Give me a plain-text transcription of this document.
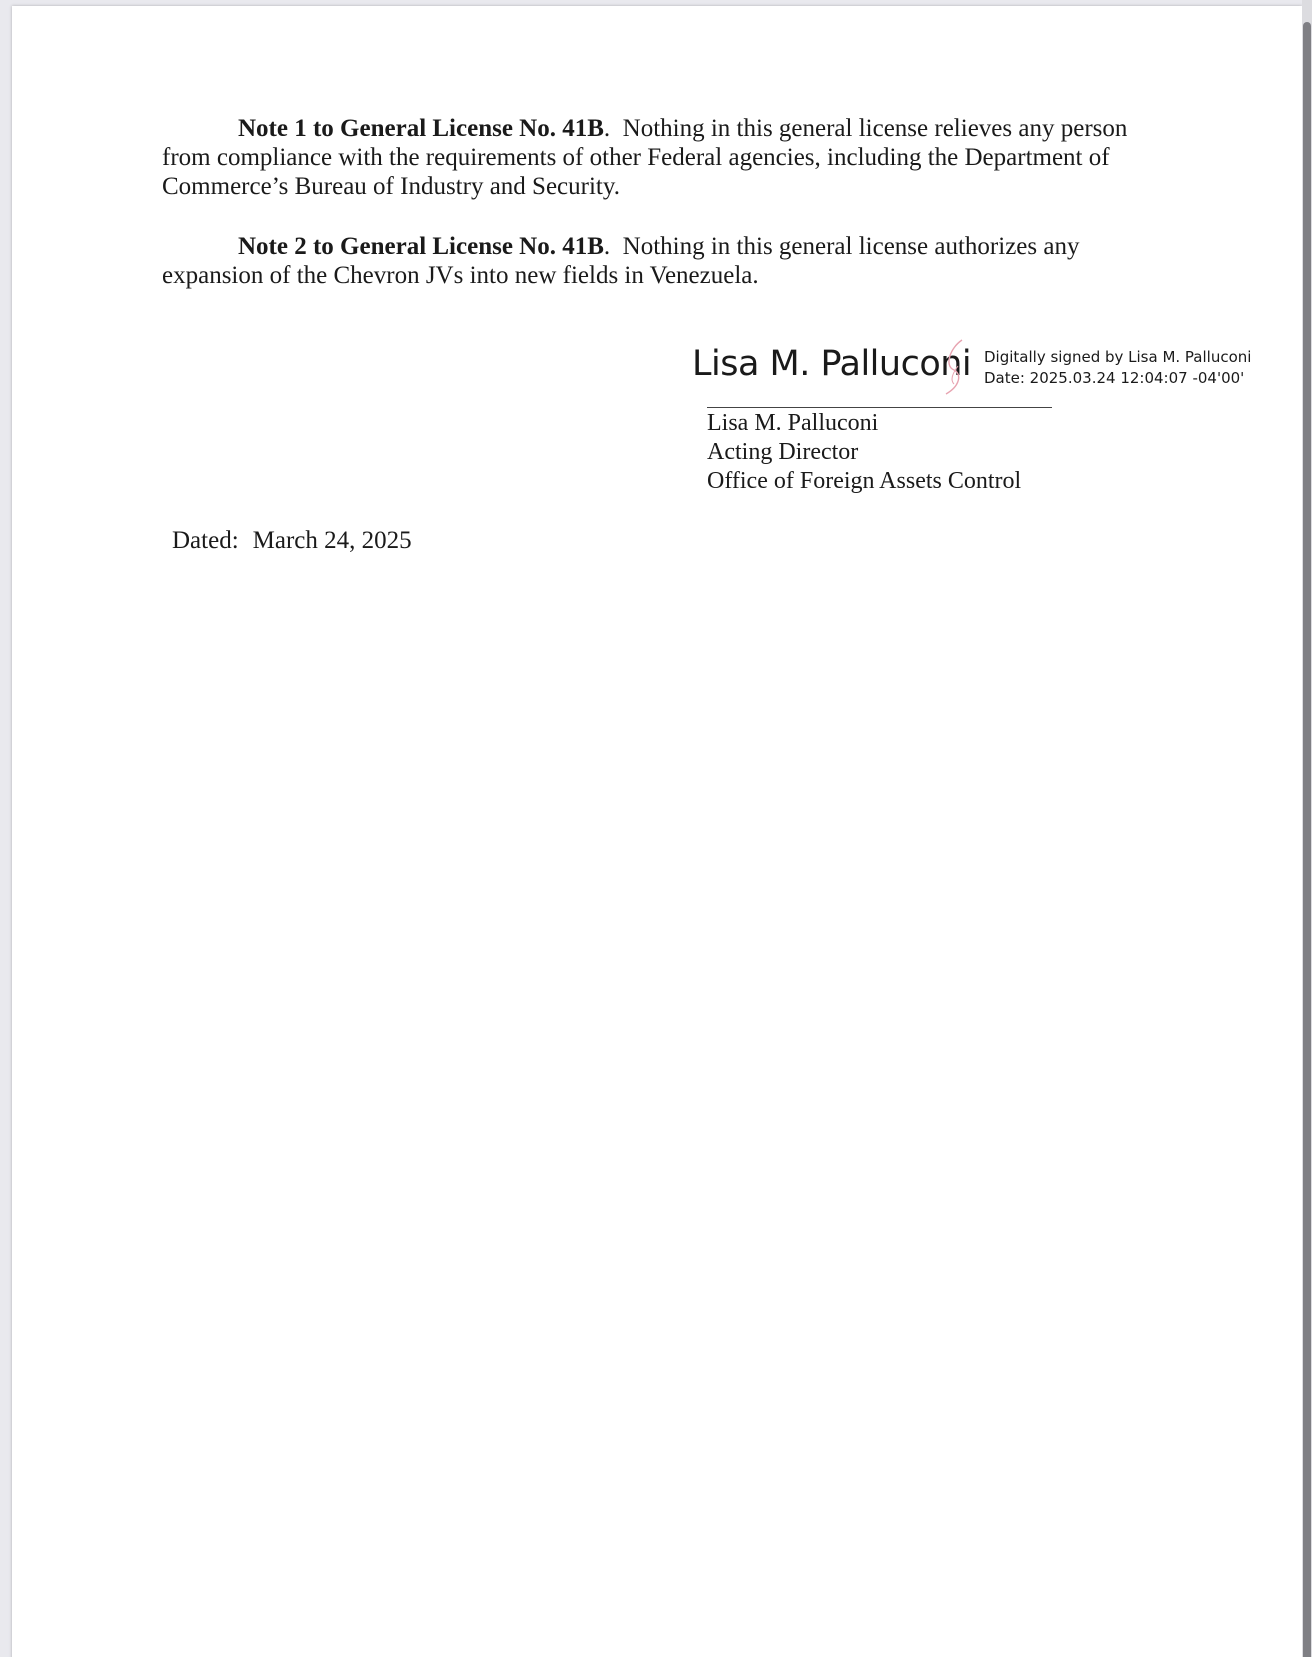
Note 1 to General License No. 41B.  Nothing in this general license relieves any person from compliance with the requirements of other Federal agencies, including the Department of Commerce’s Bureau of Industry and Security.

Note 2 to General License No. 41B.  Nothing in this general license authorizes any expansion of the Chevron JVs into new fields in Venezuela.

Lisa M. Palluconi Digitally signed by Lisa M. Palluconi
Date: 2025.03.24 12:04:07 -04'00'
Lisa M. Palluconi
Acting Director
Office of Foreign Assets Control
Dated: March 24, 2025
